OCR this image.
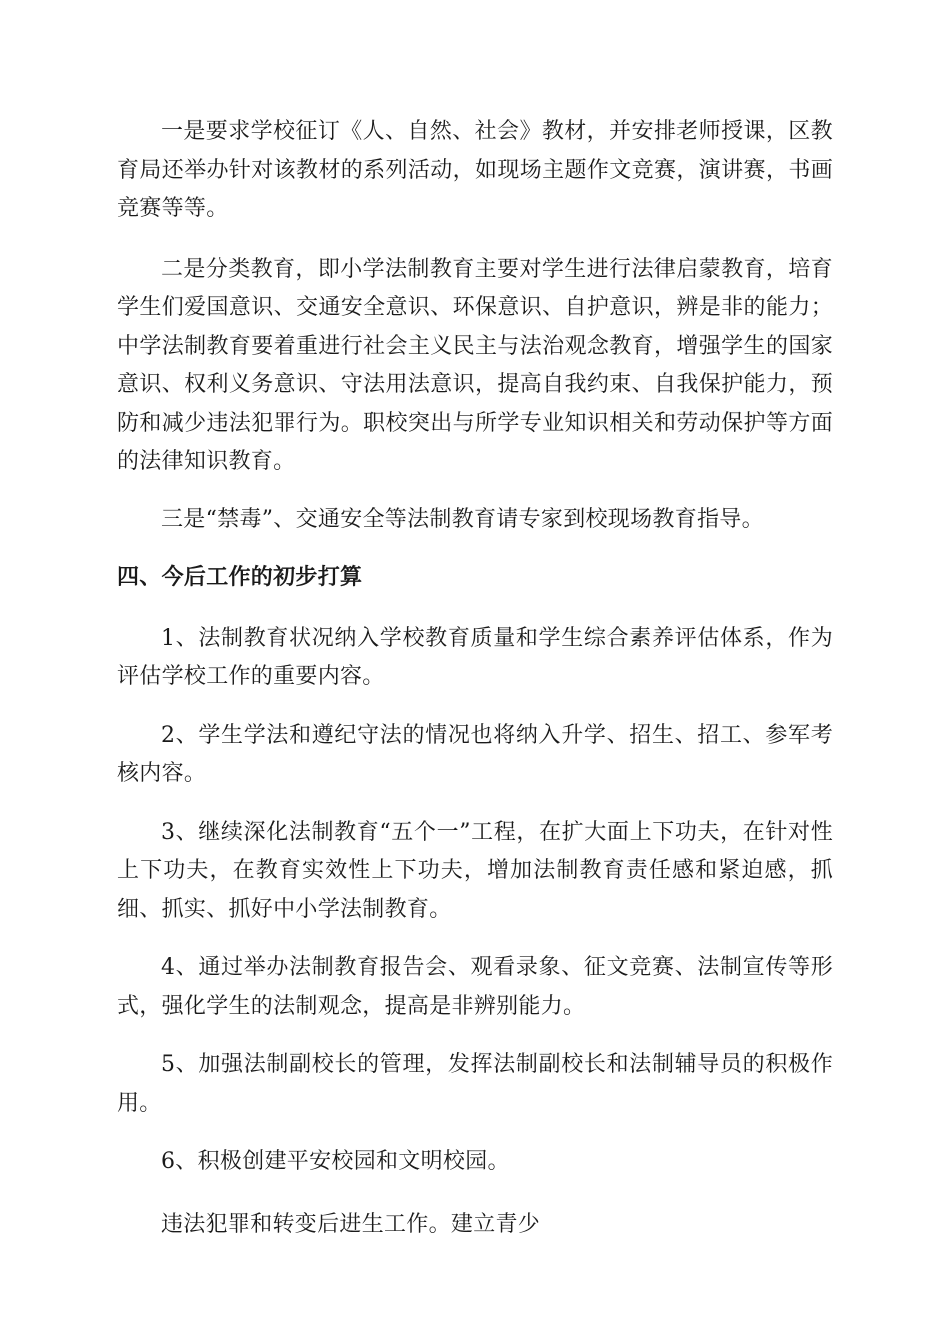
一是要求学校征订《人、自然、社会》教材，并安排老师授课，区教育局还举办针对该教材的系列活动，如现场主题作文竞赛，演讲赛，书画竞赛等等。

二是分类教育，即小学法制教育主要对学生进行法律启蒙教育，培育学生们爱国意识、交通安全意识、环保意识、自护意识，辨是非的能力；中学法制教育要着重进行社会主义民主与法治观念教育，增强学生的国家意识、权利义务意识、守法用法意识，提高自我约束、自我保护能力，预防和减少违法犯罪行为。职校突出与所学专业知识相关和劳动保护等方面的法律知识教育。

三是“禁毒”、交通安全等法制教育请专家到校现场教育指导。

四、今后工作的初步打算

1、法制教育状况纳入学校教育质量和学生综合素养评估体系，作为评估学校工作的重要内容。

2、学生学法和遵纪守法的情况也将纳入升学、招生、招工、参军考核内容。

3、继续深化法制教育“五个一”工程，在扩大面上下功夫，在针对性上下功夫，在教育实效性上下功夫，增加法制教育责任感和紧迫感，抓细、抓实、抓好中小学法制教育。

4、通过举办法制教育报告会、观看录象、征文竞赛、法制宣传等形式，强化学生的法制观念，提高是非辨别能力。

5、加强法制副校长的管理，发挥法制副校长和法制辅导员的积极作用。

6、积极创建平安校园和文明校园。

违法犯罪和转变后进生工作。建立青少
